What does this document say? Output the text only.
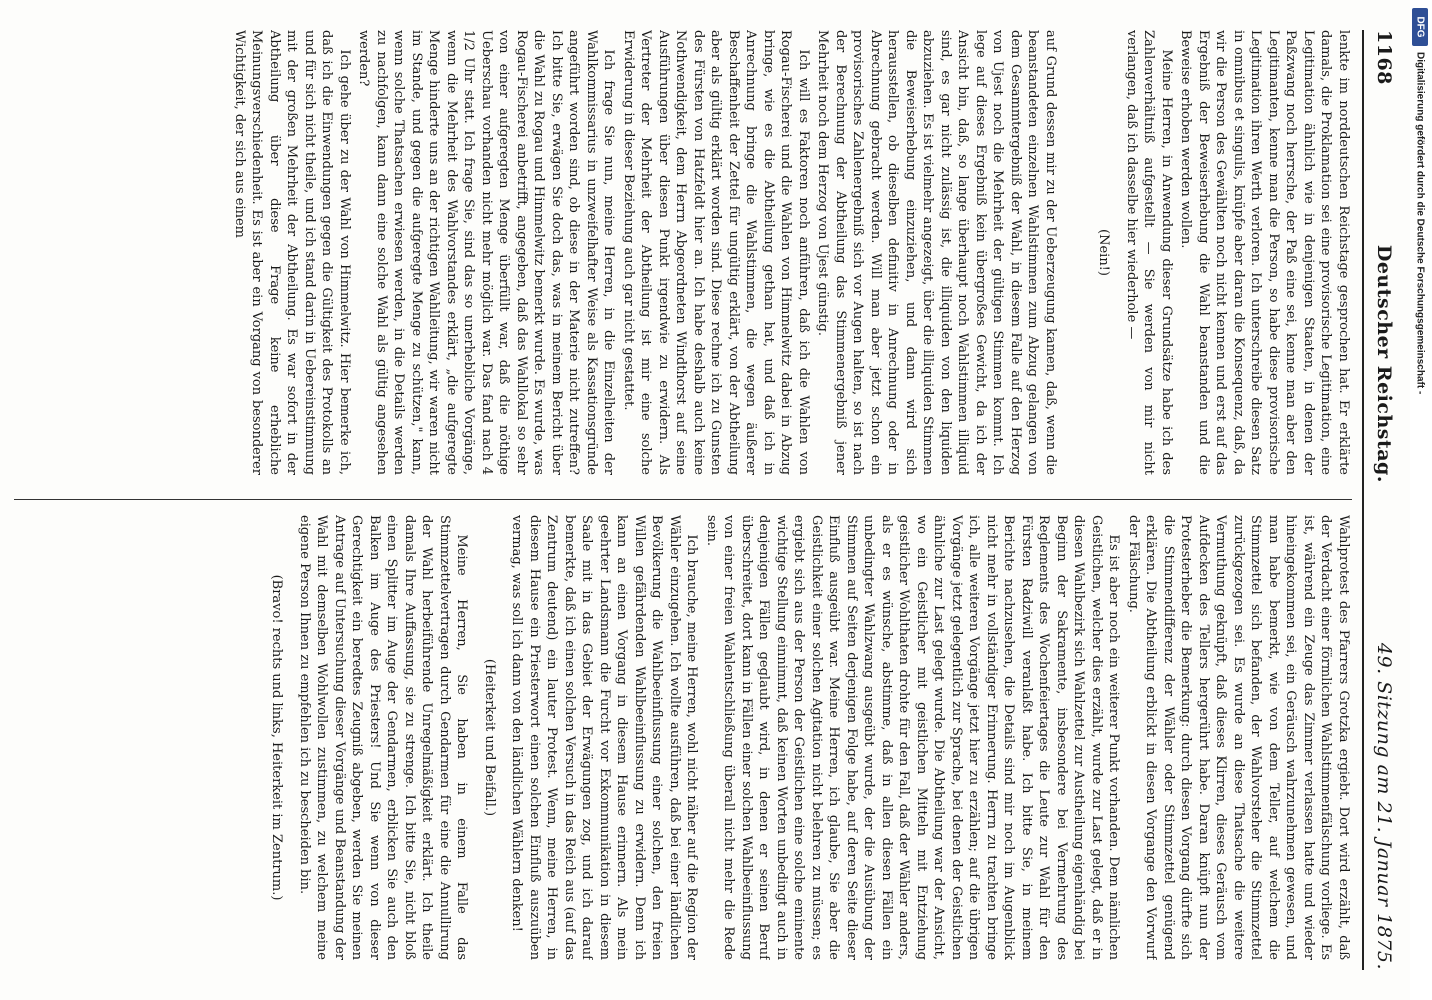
1168
Deutscher Reichstag.
49. Sitzung am 21. Januar 1875.

lenkte im norddeutschen Reichstage gesprochen hat. Er erklärte damals, die Proklamation sei eine provisorische Legitimation, eine Legitimation ähnlich wie in denjenigen Staaten, in denen der Paßzwang noch herrsche, der Paß eine sei, kenne man aber den Legitimanten, kenne man die Person, so habe diese provisorische Legitimation ihren Werth verloren. Ich unterschreibe diesen Satz in omnibus et singulis, knüpfe aber daran die Konsequenz, daß, da wir die Person des Gewählten noch nicht kennen und erst auf das Ergebniß der Beweiserhebung die Wahl beanstanden und die Beweise erhoben werden wollen.

Meine Herren, in Anwendung dieser Grundsätze habe ich des Zahlenverhältniß aufgestellt — Sie werden von mir nicht verlangen, daß ich dasselbe hier wiederhole —

(Nein!)

auf Grund dessen mir zu der Ueberzeugung kamen, daß, wenn die beanstandeten einzelnen Wahlstimmen zum Abzug gelangen von dem Gesammtergebniß der Wahl, in diesem Falle auf den Herzog von Ujest noch die Mehrheit der gültigen Stimmen kommt. Ich lege auf dieses Ergebniß kein übergroßes Gewicht, da ich der Ansicht bin, daß, so lange überhaupt noch Wahlstimmen illiquid sind, es gar nicht zulässig ist, die illiquiden von den liquiden abzuziehen. Es ist vielmehr angezeigt, über die illiquiden Stimmen die Beweiserhebung einzuziehen, und dann wird sich herausstellen, ob dieselben definitiv in Anrechnung oder in Abrechnung gebracht werden. Will man aber jetzt schon ein provisorisches Zahlenergebniß sich vor Augen halten, so ist nach der Berechnung der Abtheilung das Stimmenergebniß jener Mehrheit noch dem Herzog von Ujest günstig.

Ich will es Faktoren noch anführen, daß ich die Wahlen von Rogau-Fischerei und die Wahlen von Himmelwitz dabei in Abzug bringe, wie es die Abtheilung gethan hat, und daß ich in Anrechnung bringe die Wahlstimmen, die wegen äußerer Beschaffenheit der Zettel für ungültig erklärt, von der Abtheilung aber als gültig erklärt worden sind. Diese rechne ich zu Gunsten des Fürsten von Hatzfeldt hier an. Ich habe deshalb auch keine Nothwendigkeit, dem Herrn Abgeordneten Windthorst auf seine Ausführungen über diesen Punkt irgendwie zu erwidern. Als Vertreter der Mehrheit der Abtheilung ist mir eine solche Erwiderung in dieser Beziehung auch gar nicht gestattet.

Ich frage Sie nun, meine Herren, in die Einzelheiten der Wahlkommissarius in unzweifelhafter Weise als Kassationsgründe angeführt worden sind, ob diese in der Materie nicht zutreffen? Ich bitte Sie, erwägen Sie doch das, was in meinem Bericht über die Wahl zu Rogau und Himmelwitz bemerkt wurde. Es wurde, was Rogau-Fischerei anbetrifft, angegeben, daß das Wahllokal so sehr von einer aufgeregten Menge überfüllt war, daß die nöthige Ueberschau vorhanden nicht mehr möglich war. Das fand nach 4 1/2 Uhr statt. Ich frage Sie, sind das so unerhebliche Vorgänge, wenn die Mehrheit des Wahlvorstandes erklärt, „die aufgeregte Menge hinderte uns an der richtigen Wahlleitung, wir waren nicht im Stande, und gegen die aufgeregte Menge zu schützen," kann, wenn solche Thatsachen erwiesen werden, in die Details werden zu nachfolgen, kann dann eine solche Wahl als gültig angesehen werden?

Ich gehe über zu der Wahl von Himmelwitz. Hier bemerke ich, daß ich die Einwendungen gegen die Gültigkeit des Protokolls an und für sich nicht theile, und ich stand darin in Uebereinstimmung mit der großen Mehrheit der Abtheilung. Es war sofort in der Abtheilung über diese Frage keine erhebliche Meinungsverschiedenheit. Es ist aber ein Vorgang von besonderer Wichtigkeit, der sich aus einem

Wahlprotest des Pfarrers Grotzka ergiebt. Dort wird erzählt, daß der Verdacht einer förmlichen Wahlstimmenfälschung vorliege. Es ist, während ein Zeuge das Zimmer verlassen hatte und wieder hineingekommen sei, ein Geräusch wahrzunehmen gewesen, und man habe bemerkt, wie von dem Teller, auf welchem die Stimmzettel sich befanden, der Wahlvorsteher die Stimmzettel zurückgezogen sei. Es wurde an diese Thatsache die weitere Vermuthung geknüpft, daß dieses Klirren, dieses Geräusch vom Aufdecken des Tellers hergerührt habe. Daran knüpft nun der Protesterheber die Bemerkung: durch diesen Vorgang dürfte sich die Stimmendifferenz der Wähler oder Stimmzettel genügend erklären. Die Abtheilung erblickt in diesen Vorgange den Vorwurf der Fälschung.

Es ist aber noch ein weiterer Punkt vorhanden. Dem nämlichen Geistlichen, welcher dies erzählt, wurde zur Last gelegt, daß er in diesen Wahlbezirk sich Wahlzettel zur Austheilung eigenhändig bei Beginn der Sakramente, insbesondere bei Vermehrung des Reglements des Wochenfeiertages die Leute zur Wahl für den Fürsten Radziwill veranlaßt habe. Ich bitte Sie, in meinem Berichte nachzusehen, die Details sind mir noch im Augenblick nicht mehr in vollständiger Erinnerung. Herrn zu trachten bringe ich, alle weiteren Vorgänge jetzt hier zu erzählen; auf die übrigen Vorgänge jetzt gelegentlich zur Sprache, bei denen der Geistlichen ähnliche zur Last gelegt wurde. Die Abtheilung war der Ansicht, wo ein Geistlicher mit geistlichen Mitteln mit Entziehung geistlicher Wohlthaten drohte für den Fall, daß der Wähler anders, als er es wünsche, abstimme, daß in allen diesen Fällen ein unbedingter Wahlzwang ausgeübt wurde, der die Ausübung der Stimmen auf Seiten derjenigen Folge habe, auf deren Seite dieser Einfluß ausgeübt war. Meine Herren, ich glaube, Sie aber die Geistlichkeit einer solchen Agitation nicht belehren zu müssen; es ergiebt sich aus der Person der Geistlichen eine solche eminente wichtige Stellung einnimmt, daß keinen Worten unbedingt auch in denjenigen Fällen geglaubt wird, in denen er seinen Beruf überschreitet, dort kann in Fällen einer solchen Wahlbeeinflussung von einer freien Wahlentschließung überall nicht mehr die Rede sein.

Ich brauche, meine Herren, wohl nicht näher auf die Region der Wähler einzugehen. Ich wollte ausführen, daß bei einer ländlichen Bevölkerung die Wahlbeeinflussung einer solchen, den freien Willen gefährdenden Wahlbeeinflussung zu erwidern. Denn ich kann an einen Vorgang in diesem Hause erinnern. Als mein geehrter Landsmann die Furcht vor Exkommunikation in diesem Saale mit in das Gebiet der Erwägungen zog, und ich darauf bemerkte, daß ich einen solchen Versuch in das Reich aus (auf das Zentrum deutend) ein lauter Protest. Wenn, meine Herren, in diesem Hause ein Priesterwort einen solchen Einfluß auszuüben vermag, was soll ich dann von den ländlichen Wählern denken!

(Heiterkeit und Beifall.)

Meine Herren, Sie haben in einem Falle das Stimmzettelvertragen durch Gendarmen für eine die Annullirung der Wahl herbeiführende Unregelmäßigkeit erklärt. Ich theile damals Ihre Auffassung, sie zu strenge. Ich bitte Sie, nicht bloß einen Splitter im Auge der Gendarmen, erblicken Sie auch den Balken im Auge des Priesters! Und Sie wenn von dieser Gerechtigkeit ein beredtes Zeugniß abgeben, werden Sie meinen Antrage auf Untersuchung dieser Vorgänge und Beanstandung der Wahl mit demselben Wohlwollen zustimmen, zu welchem meine eigene Person Ihnen zu empfehlen ich zu bescheiden bin.

(Bravo! rechts und links, Heiterkeit im Zentrum.)

DFG
Digitalisierung gefördert durch die Deutsche Forschungsgemeinschaft -
